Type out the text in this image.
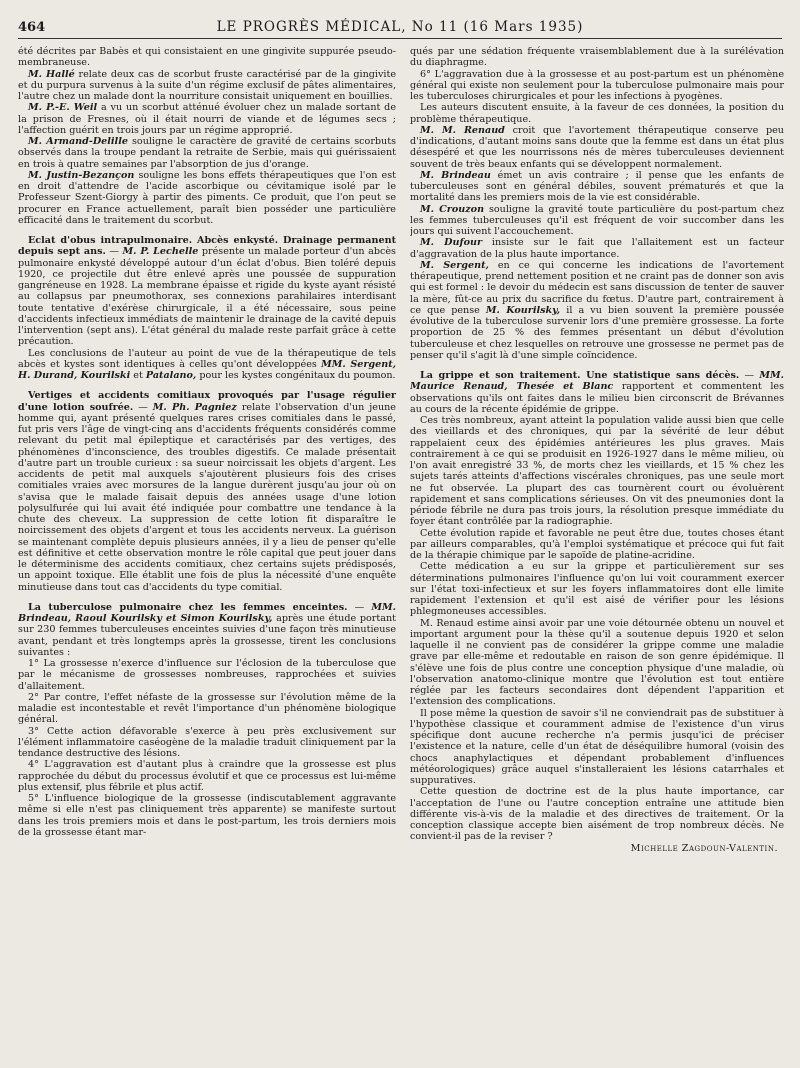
464	LE PROGRÈS MÉDICAL, No 11 (16 Mars 1935)

été décrites par Babès et qui consistaient en une gingivite suppurée pseudo-membraneuse.

M. Hallé relate deux cas de scorbut fruste caractérisé par de la gingivite et du purpura survenus à la suite d'un régime exclusif de pâtes alimentaires, l'autre chez un malade dont la nourriture consistait uniquement en bouillies.

M. P.-E. Weil a vu un scorbut atténué évoluer chez un malade sortant de la prison de Fresnes, où il était nourri de viande et de légumes secs ; l'affection guérit en trois jours par un régime approprié.

M. Armand-Delille souligne le caractère de gravité de certains scorbuts observés dans la troupe pendant la retraite de Serbie, mais qui guérissaient en trois à quatre semaines par l'absorption de jus d'orange.

M. Justin-Bezançon souligne les bons effets thérapeutiques que l'on est en droit d'attendre de l'acide ascorbique ou cévitamique isolé par le Professeur Szent-Giorgy à partir des piments. Ce produit, que l'on peut se procurer en France actuellement, paraît bien posséder une particulière efficacité dans le traitement du scorbut.

Eclat d'obus intrapulmonaire. Abcès enkysté. Drainage permanent depuis sept ans. — M. P. Lechelle présente un malade porteur d'un abcès pulmonaire enkysté développé autour d'un éclat d'obus. Bien toléré depuis 1920, ce projectile dut être enlevé après une poussée de suppuration gangréneuse en 1928. La membrane épaisse et rigide du kyste ayant résisté au collapsus par pneumothorax, ses connexions parahilaires interdisant toute tentative d'exérèse chirurgicale, il a été nécessaire, sous peine d'accidents infectieux immédiats de maintenir le drainage de la cavité depuis l'intervention (sept ans). L'état général du malade reste parfait grâce à cette précaution.

Les conclusions de l'auteur au point de vue de la thérapeutique de tels abcès et kystes sont identiques à celles qu'ont développées MM. Sergent, H. Durand, Kourilski et Patalano, pour les kystes congénitaux du poumon.

Vertiges et accidents comitiaux provoqués par l'usage régulier d'une lotion soufrée. — M. Ph. Pagniez relate l'observation d'un jeune homme qui, ayant présenté quelques rares crises comitiales dans le passé, fut pris vers l'âge de vingt-cinq ans d'accidents fréquents considérés comme relevant du petit mal épileptique et caractérisés par des vertiges, des phénomènes d'inconscience, des troubles digestifs. Ce malade présentait d'autre part un trouble curieux : sa sueur noircissait les objets d'argent. Les accidents de petit mal auxquels s'ajoutèrent plusieurs fois des crises comitiales vraies avec morsures de la langue durèrent jusqu'au jour où on s'avisa que le malade faisait depuis des années usage d'une lotion polysulfurée qui lui avait été indiquée pour combattre une tendance à la chute des cheveux. La suppression de cette lotion fit disparaître le noircissement des objets d'argent et tous les accidents nerveux. La guérison se maintenant complète depuis plusieurs années, il y a lieu de penser qu'elle est définitive et cette observation montre le rôle capital que peut jouer dans le déterminisme des accidents comitiaux, chez certains sujets prédisposés, un appoint toxique. Elle établit une fois de plus la nécessité d'une enquête minutieuse dans tout cas d'accidents du type comitial.

La tuberculose pulmonaire chez les femmes enceintes. — MM. Brindeau, Raoul Kourilsky et Simon Kourilsky, après une étude portant sur 230 femmes tuberculeuses enceintes suivies d'une façon très minutieuse avant, pendant et très longtemps après la grossesse, tirent les conclusions suivantes :

1° La grossesse n'exerce d'influence sur l'éclosion de la tuberculose que par le mécanisme de grossesses nombreuses, rapprochées et suivies d'allaitement.

2° Par contre, l'effet néfaste de la grossesse sur l'évolution même de la maladie est incontestable et revêt l'importance d'un phénomène biologique général.

3° Cette action défavorable s'exerce à peu près exclusivement sur l'élément inflammatoire caséogène de la maladie traduit cliniquement par la tendance destructive des lésions.

4° L'aggravation est d'autant plus à craindre que la grossesse est plus rapprochée du début du processus évolutif et que ce processus est lui-même plus extensif, plus fébrile et plus actif.

5° L'influence biologique de la grossesse (indiscutablement aggravante même si elle n'est pas cliniquement très apparente) se manifeste surtout dans les trois premiers mois et dans le post-partum, les trois derniers mois de la grossesse étant mar-

qués par une sédation fréquente vraisemblablement due à la surélévation du diaphragme.

6° L'aggravation due à la grossesse et au post-partum est un phénomène général qui existe non seulement pour la tuberculose pulmonaire mais pour les tuberculoses chirurgicales et pour les infections à pyogènes.

Les auteurs discutent ensuite, à la faveur de ces données, la position du problème thérapeutique.

M. M. Renaud croit que l'avortement thérapeutique conserve peu d'indications, d'autant moins sans doute que la femme est dans un état plus désespéré et que les nourrissons nés de mères tuberculeuses deviennent souvent de très beaux enfants qui se développent normalement.

M. Brindeau émet un avis contraire ; il pense que les enfants de tuberculeuses sont en général débiles, souvent prématurés et que la mortalité dans les premiers mois de la vie est considérable.

M. Crouzon souligne la gravité toute particulière du post-partum chez les femmes tuberculeuses qu'il est fréquent de voir succomber dans les jours qui suivent l'accouchement.

M. Dufour insiste sur le fait que l'allaitement est un facteur d'aggravation de la plus haute importance.

M. Sergent, en ce qui concerne les indications de l'avortement thérapeutique, prend nettement position et ne craint pas de donner son avis qui est formel : le devoir du médecin est sans discussion de tenter de sauver la mère, fût-ce au prix du sacrifice du fœtus. D'autre part, contrairement à ce que pense M. Kourilsky, il a vu bien souvent la première poussée évolutive de la tuberculose survenir lors d'une première grossesse. La forte proportion de 25 % des femmes présentant un début d'évolution tuberculeuse et chez lesquelles on retrouve une grossesse ne permet pas de penser qu'il s'agit là d'une simple coïncidence.

La grippe et son traitement. Une statistique sans décès. — MM. Maurice Renaud, Thesée et Blanc rapportent et commentent les observations qu'ils ont faites dans le milieu bien circonscrit de Brévannes au cours de la récente épidémie de grippe.

Ces très nombreux, ayant atteint la population valide aussi bien que celle des vieillards et des chroniques, qui par la sévérité de leur début rappelaient ceux des épidémies antérieures les plus graves. Mais contrairement à ce qui se produisit en 1926-1927 dans le même milieu, où l'on avait enregistré 33 %, de morts chez les vieillards, et 15 % chez les sujets tarés atteints d'affections viscérales chroniques, pas une seule mort ne fut observée. La plupart des cas tournèrent court ou évoluèrent rapidement et sans complications sérieuses. On vit des pneumonies dont la période fébrile ne dura pas trois jours, la résolution presque immédiate du foyer étant contrôlée par la radiographie.

Cette évolution rapide et favorable ne peut être due, toutes choses étant par ailleurs comparables, qu'à l'emploi systématique et précoce qui fut fait de la thérapie chimique par le sapoïde de platine-acridine.

Cette médication a eu sur la grippe et particulièrement sur ses déterminations pulmonaires l'influence qu'on lui voit couramment exercer sur l'état toxi-infectieux et sur les foyers inflammatoires dont elle limite rapidement l'extension et qu'il est aisé de vérifier pour les lésions phlegmoneuses accessibles.

M. Renaud estime ainsi avoir par une voie détournée obtenu un nouvel et important argument pour la thèse qu'il a soutenue depuis 1920 et selon laquelle il ne convient pas de considérer la grippe comme une maladie grave par elle-même et redoutable en raison de son genre épidémique. Il s'élève une fois de plus contre une conception physique d'une maladie, où l'observation anatomo-clinique montre que l'évolution est tout entière réglée par les facteurs secondaires dont dépendent l'apparition et l'extension des complications.

Il pose même la question de savoir s'il ne conviendrait pas de substituer à l'hypothèse classique et couramment admise de l'existence d'un virus spécifique dont aucune recherche n'a permis jusqu'ici de préciser l'existence et la nature, celle d'un état de déséquilibre humoral (voisin des chocs anaphylactiques et dépendant probablement d'influences météorologiques) grâce auquel s'installeraient les lésions catarrhales et suppuratives.

Cette question de doctrine est de la plus haute importance, car l'acceptation de l'une ou l'autre conception entraîne une attitude bien différente vis-à-vis de la maladie et des directives de traitement. Or la conception classique accepte bien aisément de trop nombreux décès. Ne convient-il pas de la reviser ?

Michelle Zagdoun-Valentin.
